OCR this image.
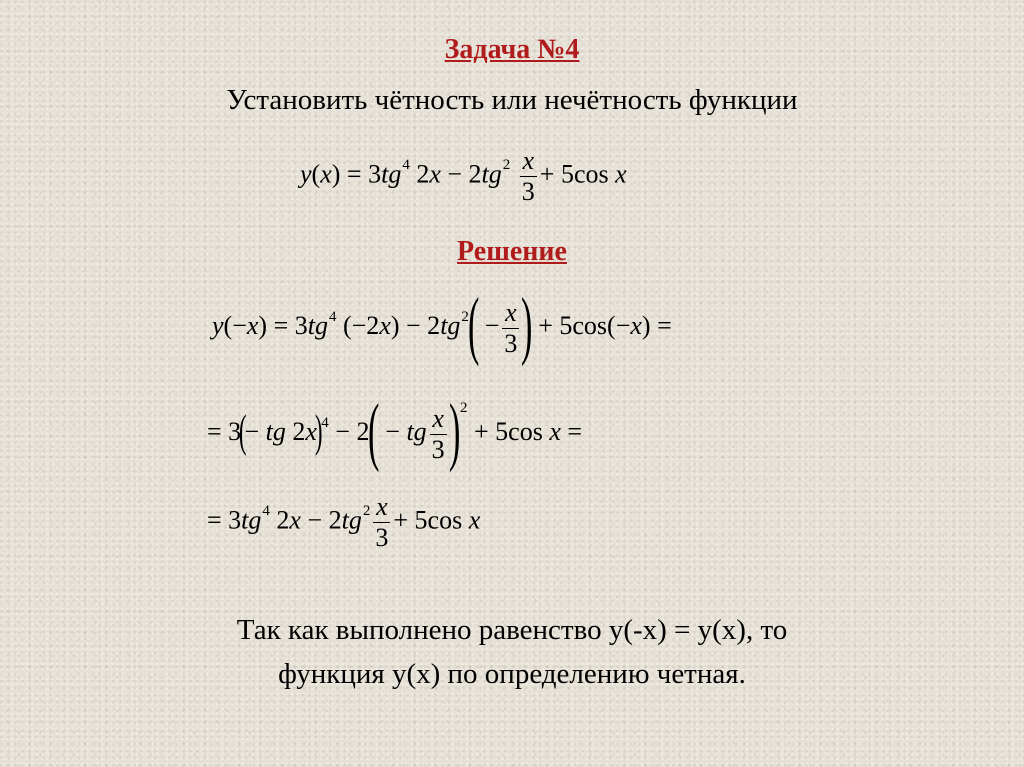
Задача №4
Установить чётность или нечётность функции
$y(x) = 3tg^4$ $2x - 2tg^2 \frac{x}{3} + 5\cos$ x
Решение
$y(-x) = 3tg^4$ $(-2x) - 2tg^2( - \frac{x}{3}$ ) + 5cos(−x) =
= 3(− tg 2x)$^4$ − 2( − tg $\frac{x}{3} )^2 + 5\cos$ x =
= $3tg^4$ $2x - 2tg^2 \frac{x}{3} + 5\cos$ x
Так как выполнено равенство y(-x) = y(x), то
функция y(x) по определению четная.
